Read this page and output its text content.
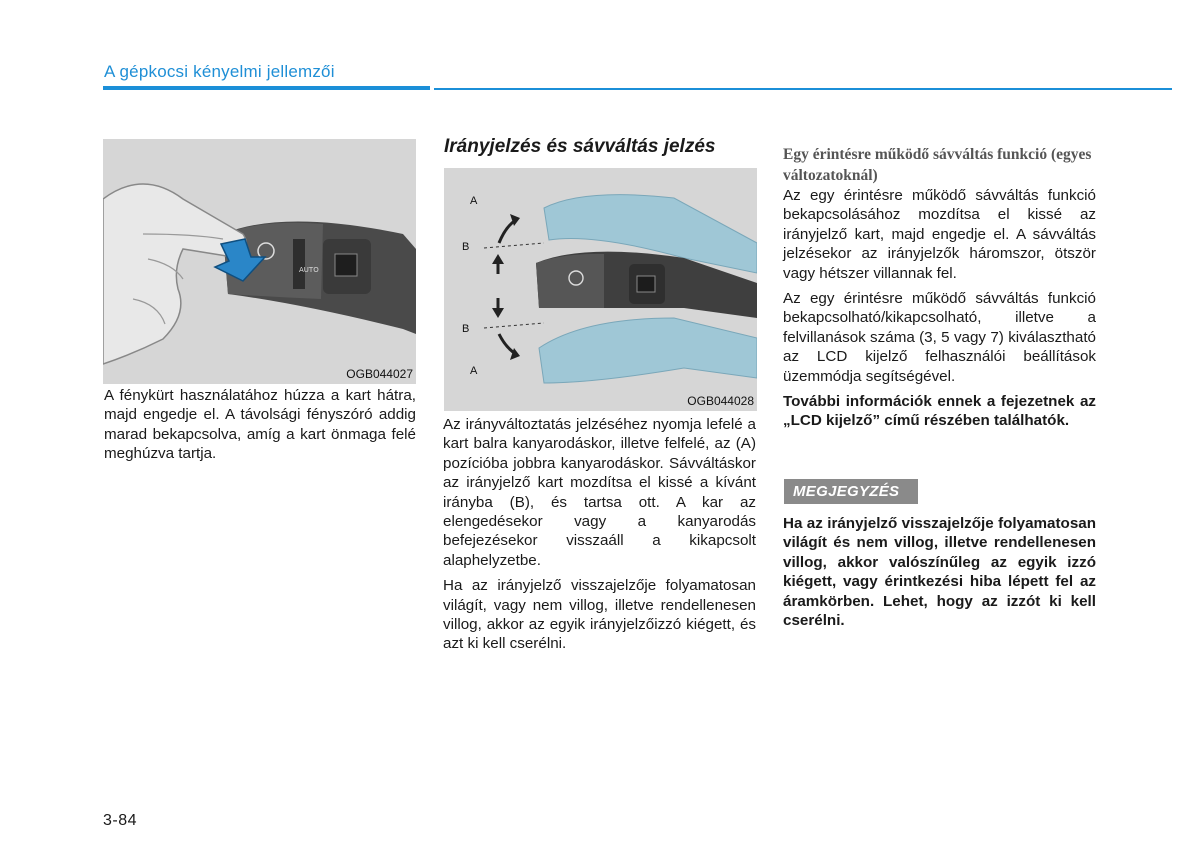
A gépkocsi kényelmi jellemzői
AUTO
OGB044027

A fénykürt használatához húzza a kart hátra, majd engedje el. A távolsági fényszóró addig marad bekapcsolva, amíg a kart önmaga felé meghúzva tartja.

Irányjelzés és sávváltás jelzés
A
B
B
A
OGB044028

Az irányváltoztatás jelzéséhez nyomja lefelé a kart balra kanyarodáskor, illetve felfelé, az (A) pozícióba jobbra kanyarodáskor. Sávváltáskor az irányjelző kart mozdítsa el kissé a kívánt irányba (B), és tartsa ott. A kar az elengedésekor vagy a kanyarodás befejezésekor visszaáll a kikapcsolt alaphelyzetbe.

Ha az irányjelző visszajelzője folyamatosan világít, vagy nem villog, illetve rendellenesen villog, akkor az egyik irányjelzőizzó kiégett, és azt ki kell cserélni.

Egy érintésre működő sávváltás funkció (egyes változatoknál)

Az egy érintésre működő sávváltás funkció bekapcsolásához mozdítsa el kissé az irányjelző kart, majd engedje el. A sávváltás jelzésekor az irányjelzők háromszor, ötször vagy hétszer villannak fel.

Az egy érintésre működő sávváltás funkció bekapcsolható/kikapcsolható, illetve a felvillanások száma (3, 5 vagy 7) kiválasztható az LCD kijelző felhasználói beállítások üzemmódja segítségével.

További információk ennek a fejezetnek az „LCD kijelző” című részében találhatók.

MEGJEGYZÉS

Ha az irányjelző visszajelzője folyamatosan világít és nem villog, illetve rendellenesen villog, akkor valószínűleg az egyik izzó kiégett, vagy érintkezési hiba lépett fel az áramkörben. Lehet, hogy az izzót ki kell cserélni.

3-84
